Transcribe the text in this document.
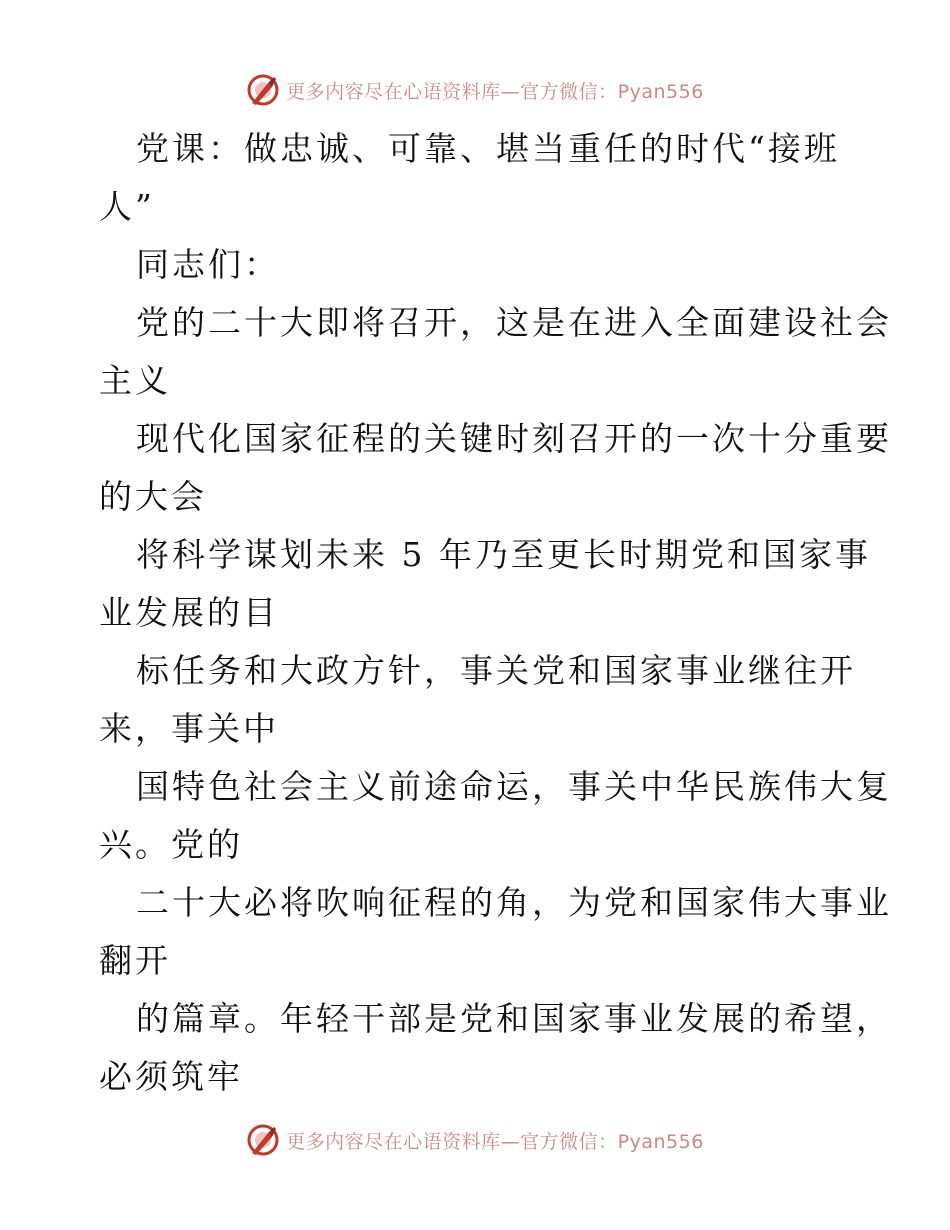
更多内容尽在心语资料库—官方微信：Pyan556
党课：做忠诚、可靠、堪当重任的时代“接班
人”
同志们：
党的二十大即将召开，这是在进入全面建设社会
主义
现代化国家征程的关键时刻召开的一次十分重要
的大会
将科学谋划未来 5 年乃至更长时期党和国家事
业发展的目
标任务和大政方针，事关党和国家事业继往开
来，事关中
国特色社会主义前途命运，事关中华民族伟大复
兴。党的
二十大必将吹响征程的角，为党和国家伟大事业
翻开
的篇章。年轻干部是党和国家事业发展的希望，
必须筑牢
更多内容尽在心语资料库—官方微信：Pyan556
